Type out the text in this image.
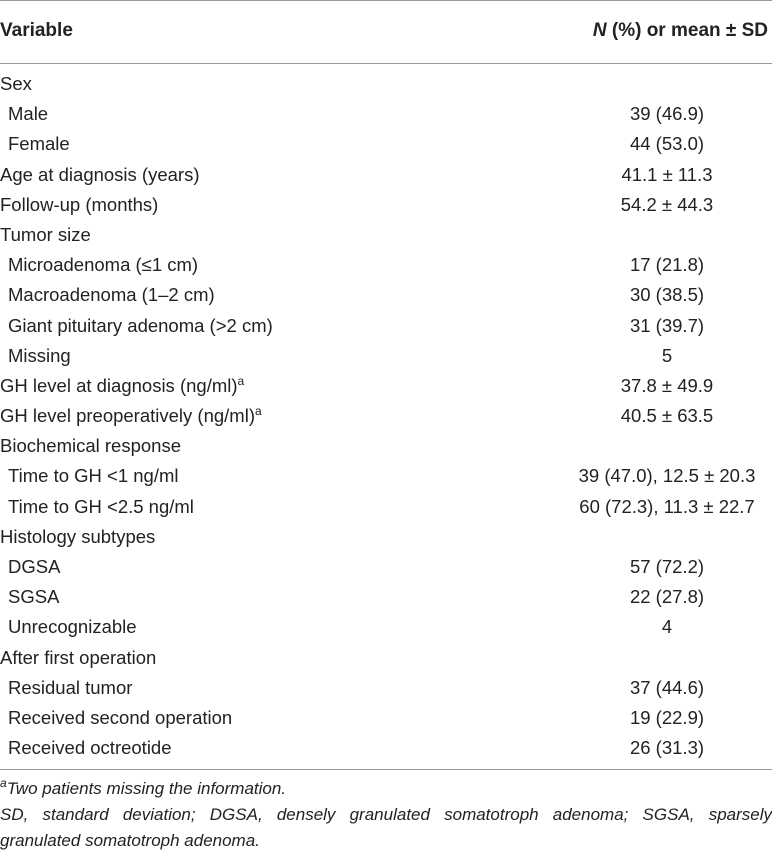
Variable	N (%) or mean ± SD
Sex
Male	39 (46.9)
Female	44 (53.0)
Age at diagnosis (years)	41.1 ± 11.3
Follow-up (months)	54.2 ± 44.3
Tumor size
Microadenoma (≤1 cm)	17 (21.8)
Macroadenoma (1–2 cm)	30 (38.5)
Giant pituitary adenoma (>2 cm)	31 (39.7)
Missing	5
GH level at diagnosis $(ng/ml)^a$	37.8 ± 49.9
GH level preoperatively $(ng/ml)^a$	40.5 ± 63.5
Biochemical response
Time to GH <1 ng/ml	39 (47.0), 12.5 ± 20.3
Time to GH <2.5 ng/ml	60 (72.3), 11.3 ± 22.7
Histology subtypes
DGSA	57 (72.2)
SGSA	22 (27.8)
Unrecognizable	4
After first operation
Residual tumor	37 (44.6)
Received second operation	19 (22.9)
Received octreotide	26 (31.3)

$^a$Two patients missing the information.

SD, standard deviation; DGSA, densely granulated somatotroph adenoma; SGSA, sparsely granulated somatotroph adenoma.
